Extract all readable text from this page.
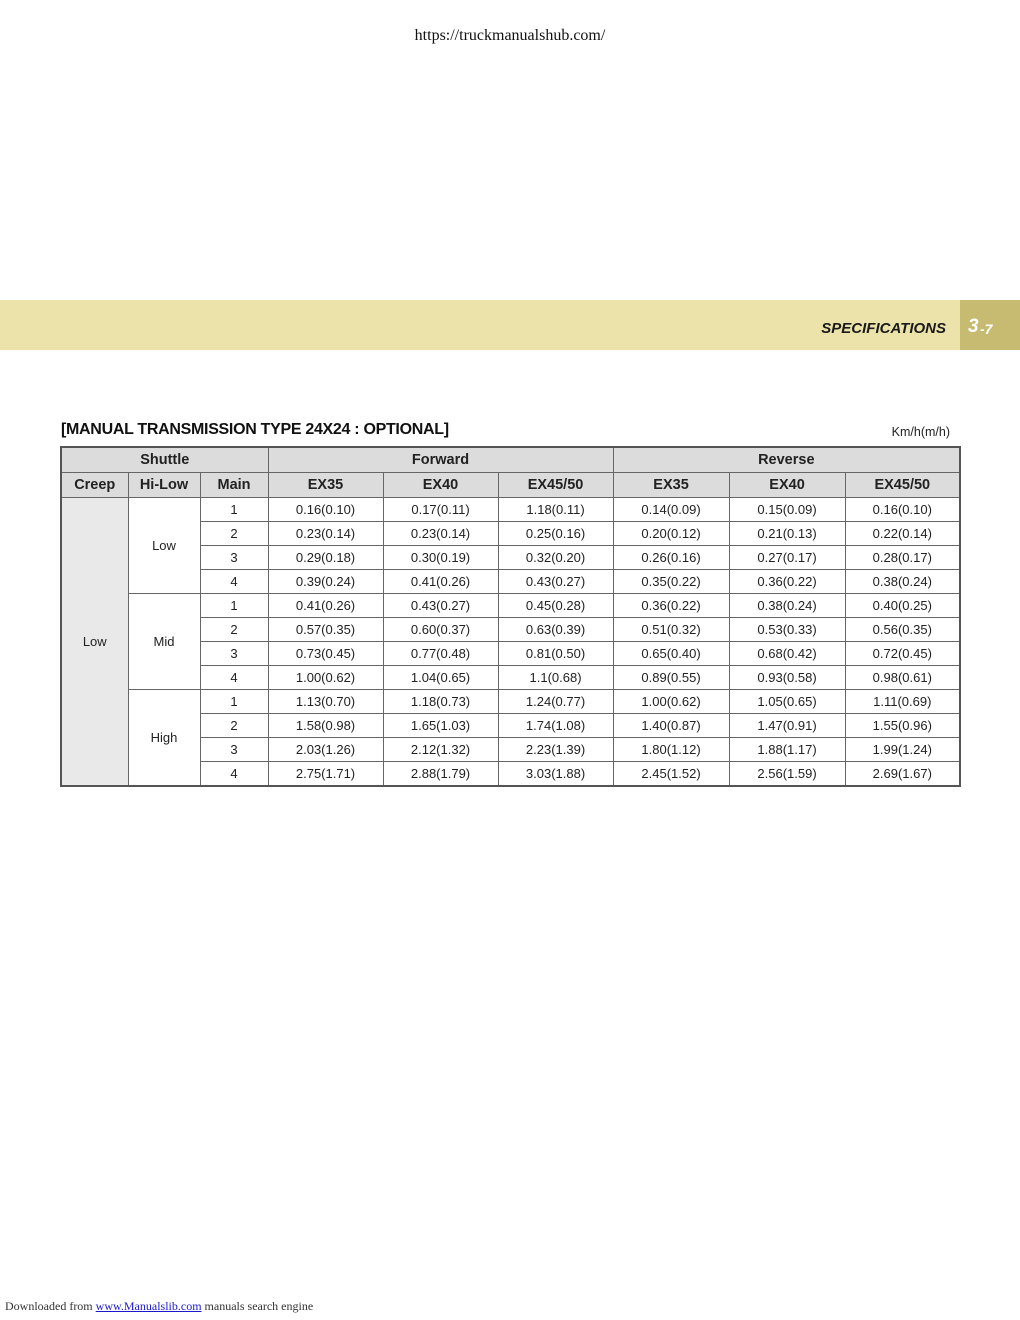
https://truckmanualshub.com/
SPECIFICATIONS 3 -7
[MANUAL TRANSMISSION TYPE 24X24 : OPTIONAL]	Km/h(m/h)
Shuttle			Forward			Reverse		
Creep	Hi-Low	Main	EX35	EX40	EX45/50	EX35	EX40	EX45/50
Low	Low	1	0.16(0.10)	0.17(0.11)	1.18(0.11)	0.14(0.09)	0.15(0.09)	0.16(0.10)
		2	0.23(0.14)	0.23(0.14)	0.25(0.16)	0.20(0.12)	0.21(0.13)	0.22(0.14)
		3	0.29(0.18)	0.30(0.19)	0.32(0.20)	0.26(0.16)	0.27(0.17)	0.28(0.17)
		4	0.39(0.24)	0.41(0.26)	0.43(0.27)	0.35(0.22)	0.36(0.22)	0.38(0.24)
	Mid	1	0.41(0.26)	0.43(0.27)	0.45(0.28)	0.36(0.22)	0.38(0.24)	0.40(0.25)
		2	0.57(0.35)	0.60(0.37)	0.63(0.39)	0.51(0.32)	0.53(0.33)	0.56(0.35)
		3	0.73(0.45)	0.77(0.48)	0.81(0.50)	0.65(0.40)	0.68(0.42)	0.72(0.45)
		4	1.00(0.62)	1.04(0.65)	1.1(0.68)	0.89(0.55)	0.93(0.58)	0.98(0.61)
	High	1	1.13(0.70)	1.18(0.73)	1.24(0.77)	1.00(0.62)	1.05(0.65)	1.11(0.69)
		2	1.58(0.98)	1.65(1.03)	1.74(1.08)	1.40(0.87)	1.47(0.91)	1.55(0.96)
		3	2.03(1.26)	2.12(1.32)	2.23(1.39)	1.80(1.12)	1.88(1.17)	1.99(1.24)
		4	2.75(1.71)	2.88(1.79)	3.03(1.88)	2.45(1.52)	2.56(1.59)	2.69(1.67)
Downloaded from www.Manualslib.com manuals search engine
